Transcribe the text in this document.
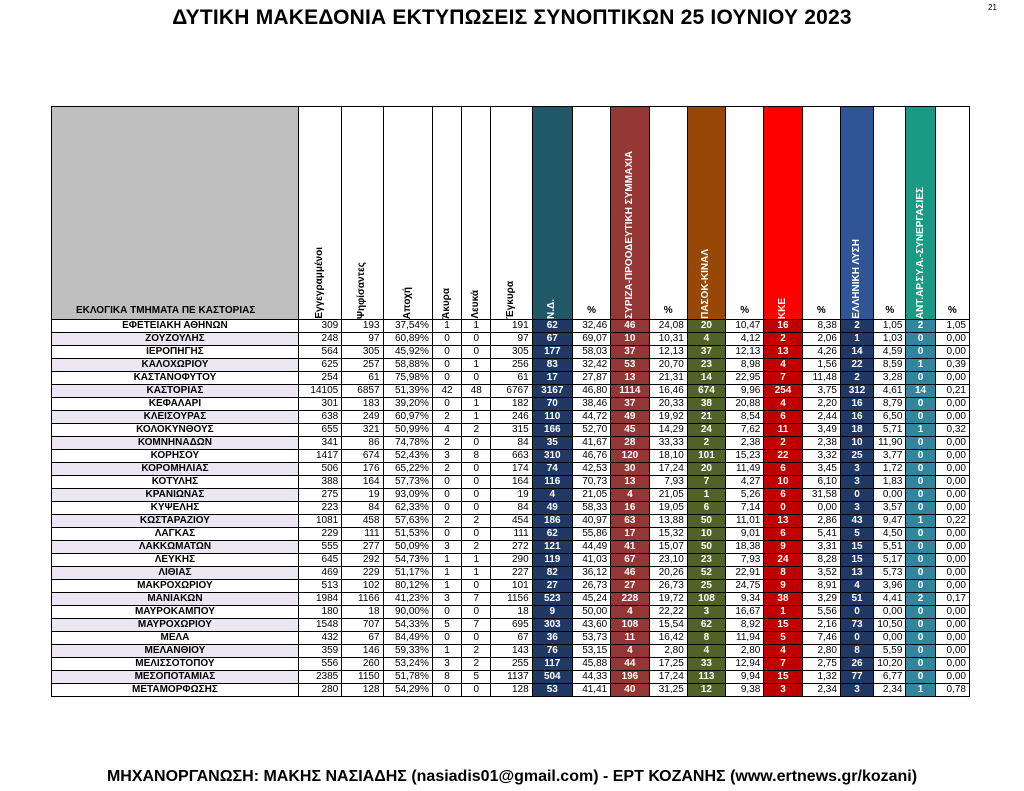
ΔΥΤΙΚΗ ΜΑΚΕΔΟΝΙΑ ΕΚΤΥΠΩΣΕΙΣ ΣΥΝΟΠΤΙΚΩΝ 25 ΙΟΥΝΙΟΥ 2023	21
ΕΚΛΟΓΙΚΑ ΤΜΗΜΑΤΑ ΠΕ ΚΑΣΤΟΡΙΑΣ	Εγγεγραμμένοι	Ψηφίσαντες	Αποχή	Άκυρα	Λευκά	Έγκυρα	Ν.Δ.	%	ΣΥΡΙΖΑ-ΠΡΟΟΔΕΥΤΙΚΗ ΣΥΜΜΑΧΙΑ	%	ΠΑΣΟΚ-ΚΙΝΑΛ	%	ΚΚΕ	%	ΕΛΛΗΝΙΚΗ ΛΥΣΗ	%	ΑΝΤ.ΑΡ.ΣΥ.Α.-ΣΥΝΕΡΓΑΣΙΕΣ	%
ΕΦΕΤΕΙΑΚΗ ΑΘΗΝΩΝ	309	193	37,54%	1	1	191	62	32,46	46	24,08	20	10,47	16	8,38	2	1,05	2	1,05
ΖΟΥΖΟΥΛΗΣ	248	97	60,89%	0	0	97	67	69,07	10	10,31	4	4,12	2	2,06	1	1,03	0	0,00
ΙΕΡΟΠΗΓΗΣ	564	305	45,92%	0	0	305	177	58,03	37	12,13	37	12,13	13	4,26	14	4,59	0	0,00
ΚΑΛΟΧΩΡΙΟΥ	625	257	58,88%	0	1	256	83	32,42	53	20,70	23	8,98	4	1,56	22	8,59	1	0,39
ΚΑΣΤΑΝΟΦΥΤΟΥ	254	61	75,98%	0	0	61	17	27,87	13	21,31	14	22,95	7	11,48	2	3,28	0	0,00
ΚΑΣΤΟΡΙΑΣ	14105	6857	51,39%	42	48	6767	3167	46,80	1114	16,46	674	9,96	254	3,75	312	4,61	14	0,21
ΚΕΦΑΛΑΡΙ	301	183	39,20%	0	1	182	70	38,46	37	20,33	38	20,88	4	2,20	16	8,79	0	0,00
ΚΛΕΙΣΟΥΡΑΣ	638	249	60,97%	2	1	246	110	44,72	49	19,92	21	8,54	6	2,44	16	6,50	0	0,00
ΚΟΛΟΚΥΝΘΟΥΣ	655	321	50,99%	4	2	315	166	52,70	45	14,29	24	7,62	11	3,49	18	5,71	1	0,32
ΚΟΜΝΗΝΑΔΩΝ	341	86	74,78%	2	0	84	35	41,67	28	33,33	2	2,38	2	2,38	10	11,90	0	0,00
ΚΟΡΗΣΟΥ	1417	674	52,43%	3	8	663	310	46,76	120	18,10	101	15,23	22	3,32	25	3,77	0	0,00
ΚΟΡΟΜΗΛΙΑΣ	506	176	65,22%	2	0	174	74	42,53	30	17,24	20	11,49	6	3,45	3	1,72	0	0,00
ΚΟΤΥΛΗΣ	388	164	57,73%	0	0	164	116	70,73	13	7,93	7	4,27	10	6,10	3	1,83	0	0,00
ΚΡΑΝΙΩΝΑΣ	275	19	93,09%	0	0	19	4	21,05	4	21,05	1	5,26	6	31,58	0	0,00	0	0,00
ΚΥΨΕΛΗΣ	223	84	62,33%	0	0	84	49	58,33	16	19,05	6	7,14	0	0,00	3	3,57	0	0,00
ΚΩΣΤΑΡΑΖΙΟΥ	1081	458	57,63%	2	2	454	186	40,97	63	13,88	50	11,01	13	2,86	43	9,47	1	0,22
ΛΑΓΚΑΣ	229	111	51,53%	0	0	111	62	55,86	17	15,32	10	9,01	6	5,41	5	4,50	0	0,00
ΛΑΚΚΩΜΑΤΩΝ	555	277	50,09%	3	2	272	121	44,49	41	15,07	50	18,38	9	3,31	15	5,51	0	0,00
ΛΕΥΚΗΣ	645	292	54,73%	1	1	290	119	41,03	67	23,10	23	7,93	24	8,28	15	5,17	0	0,00
ΛΙΘΙΑΣ	469	229	51,17%	1	1	227	82	36,12	46	20,26	52	22,91	8	3,52	13	5,73	0	0,00
ΜΑΚΡΟΧΩΡΙΟΥ	513	102	80,12%	1	0	101	27	26,73	27	26,73	25	24,75	9	8,91	4	3,96	0	0,00
ΜΑΝΙΑΚΩΝ	1984	1166	41,23%	3	7	1156	523	45,24	228	19,72	108	9,34	38	3,29	51	4,41	2	0,17
ΜΑΥΡΟΚΑΜΠΟΥ	180	18	90,00%	0	0	18	9	50,00	4	22,22	3	16,67	1	5,56	0	0,00	0	0,00
ΜΑΥΡΟΧΩΡΙΟΥ	1548	707	54,33%	5	7	695	303	43,60	108	15,54	62	8,92	15	2,16	73	10,50	0	0,00
ΜΕΛΑ	432	67	84,49%	0	0	67	36	53,73	11	16,42	8	11,94	5	7,46	0	0,00	0	0,00
ΜΕΛΑΝΘΙΟΥ	359	146	59,33%	1	2	143	76	53,15	4	2,80	4	2,80	4	2,80	8	5,59	0	0,00
ΜΕΛΙΣΣΟΤΟΠΟΥ	556	260	53,24%	3	2	255	117	45,88	44	17,25	33	12,94	7	2,75	26	10,20	0	0,00
ΜΕΣΟΠΟΤΑΜΙΑΣ	2385	1150	51,78%	8	5	1137	504	44,33	196	17,24	113	9,94	15	1,32	77	6,77	0	0,00
ΜΕΤΑΜΟΡΦΩΣΗΣ	280	128	54,29%	0	0	128	53	41,41	40	31,25	12	9,38	3	2,34	3	2,34	1	0,78
ΜΗΧΑΝΟΡΓΑΝΩΣΗ: ΜΑΚΗΣ ΝΑΣΙΑΔΗΣ (nasiadis01@gmail.com) - ΕΡΤ ΚΟΖΑΝΗΣ (www.ertnews.gr/kozani)
